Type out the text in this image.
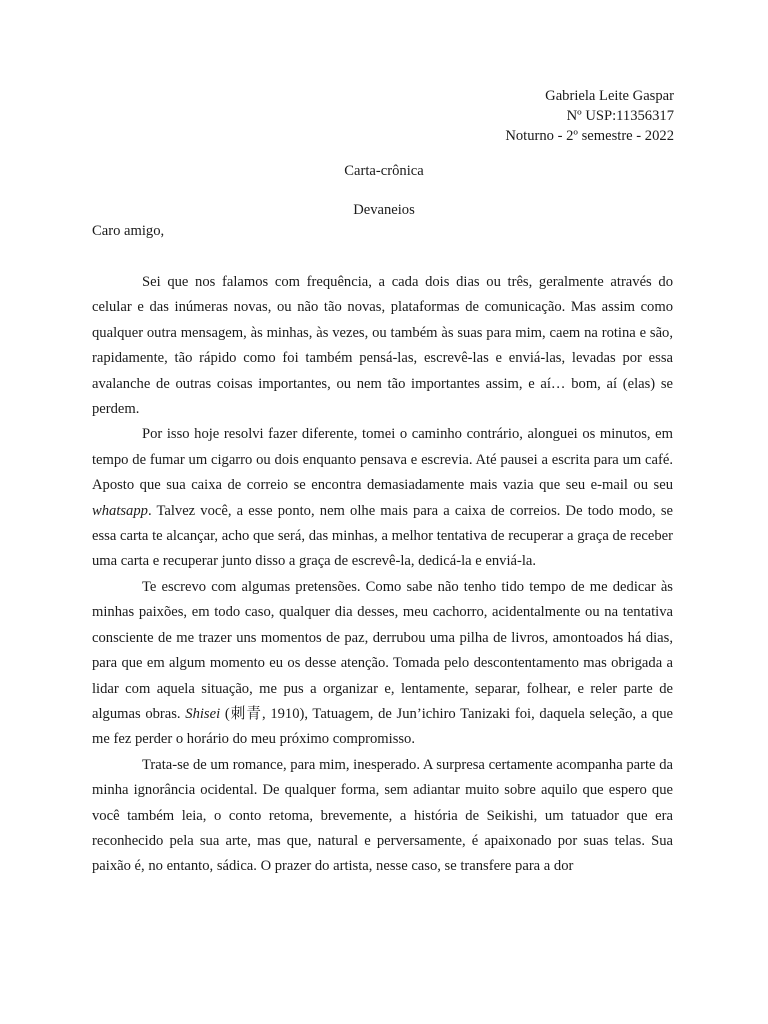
Gabriela Leite Gaspar
Nº USP:11356317
Noturno - 2º semestre - 2022
Carta-crônica
Devaneios
Caro amigo,

Sei que nos falamos com frequência, a cada dois dias ou três, geralmente através do celular e das inúmeras novas, ou não tão novas, plataformas de comunicação. Mas assim como qualquer outra mensagem, às minhas, às vezes, ou também às suas para mim, caem na rotina e são, rapidamente, tão rápido como foi também pensá-las, escrevê-las e enviá-las, levadas por essa avalanche de outras coisas importantes, ou nem tão importantes assim, e aí… bom, aí (elas) se perdem.

Por isso hoje resolvi fazer diferente, tomei o caminho contrário, alonguei os minutos, em tempo de fumar um cigarro ou dois enquanto pensava e escrevia. Até pausei a escrita para um café. Aposto que sua caixa de correio se encontra demasiadamente mais vazia que seu e-mail ou seu whatsapp. Talvez você, a esse ponto, nem olhe mais para a caixa de correios. De todo modo, se essa carta te alcançar, acho que será, das minhas, a melhor tentativa de recuperar a graça de receber uma carta e recuperar junto disso a graça de escrevê-la, dedicá-la e enviá-la.

Te escrevo com algumas pretensões. Como sabe não tenho tido tempo de me dedicar às minhas paixões, em todo caso, qualquer dia desses, meu cachorro, acidentalmente ou na tentativa consciente de me trazer uns momentos de paz, derrubou uma pilha de livros, amontoados há dias, para que em algum momento eu os desse atenção. Tomada pelo descontentamento mas obrigada a lidar com aquela situação, me pus a organizar e, lentamente, separar, folhear, e reler parte de algumas obras. Shisei (刺青, 1910), Tatuagem, de Jun’ichiro Tanizaki foi, daquela seleção, a que me fez perder o horário do meu próximo compromisso.

Trata-se de um romance, para mim, inesperado. A surpresa certamente acompanha parte da minha ignorância ocidental. De qualquer forma, sem adiantar muito sobre aquilo que espero que você também leia, o conto retoma, brevemente, a história de Seikishi, um tatuador que era reconhecido pela sua arte, mas que, natural e perversamente, é apaixonado por suas telas. Sua paixão é, no entanto, sádica. O prazer do artista, nesse caso, se transfere para a dor
